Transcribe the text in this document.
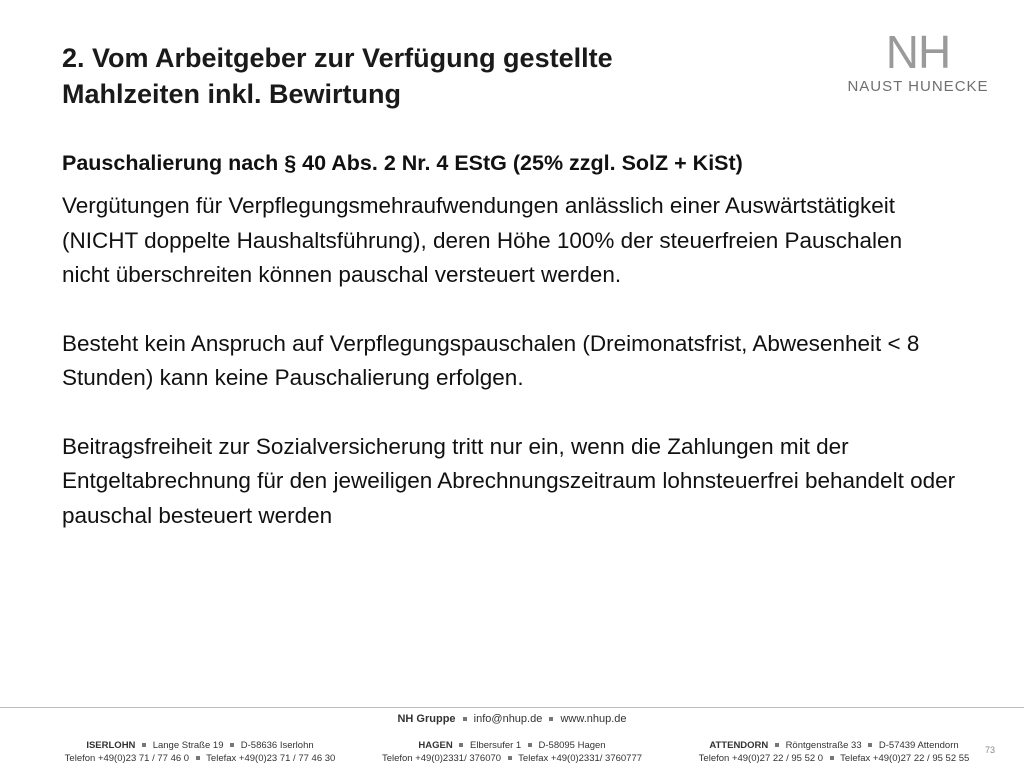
2. Vom Arbeitgeber zur Verfügung gestellte
Mahlzeiten inkl. Bewirtung
NH
NAUST HUNECKE

Pauschalierung nach § 40 Abs. 2 Nr. 4 EStG (25% zzgl. SolZ + KiSt)

Vergütungen für Verpflegungsmehraufwendungen anlässlich einer Auswärtstätigkeit (NICHT doppelte Haushaltsführung), deren Höhe 100% der steuerfreien Pauschalen nicht überschreiten können pauschal versteuert werden.

Besteht kein Anspruch auf Verpflegungspauschalen (Dreimonatsfrist, Abwesenheit < 8 Stunden) kann keine Pauschalierung erfolgen.

Beitragsfreiheit zur Sozialversicherung tritt nur ein, wenn die Zahlungen mit der Entgeltabrechnung für den jeweiligen Abrechnungszeitraum lohnsteuerfrei behandelt oder pauschal besteuert werden

NH Gruppe info@nhup.de www.nhup.de
ISERLOHN Lange Straße 19 D-58636 Iserlohn
Telefon +49(0)23 71 / 77 46 0 Telefax +49(0)23 71 / 77 46 30
HAGEN Elbersufer 1 D-58095 Hagen
Telefon +49(0)2331/ 376070 Telefax +49(0)2331/ 3760777
ATTENDORN Röntgenstraße 33 D-57439 Attendorn
Telefon +49(0)27 22 / 95 52 0 Telefax +49(0)27 22 / 95 52 55
73
